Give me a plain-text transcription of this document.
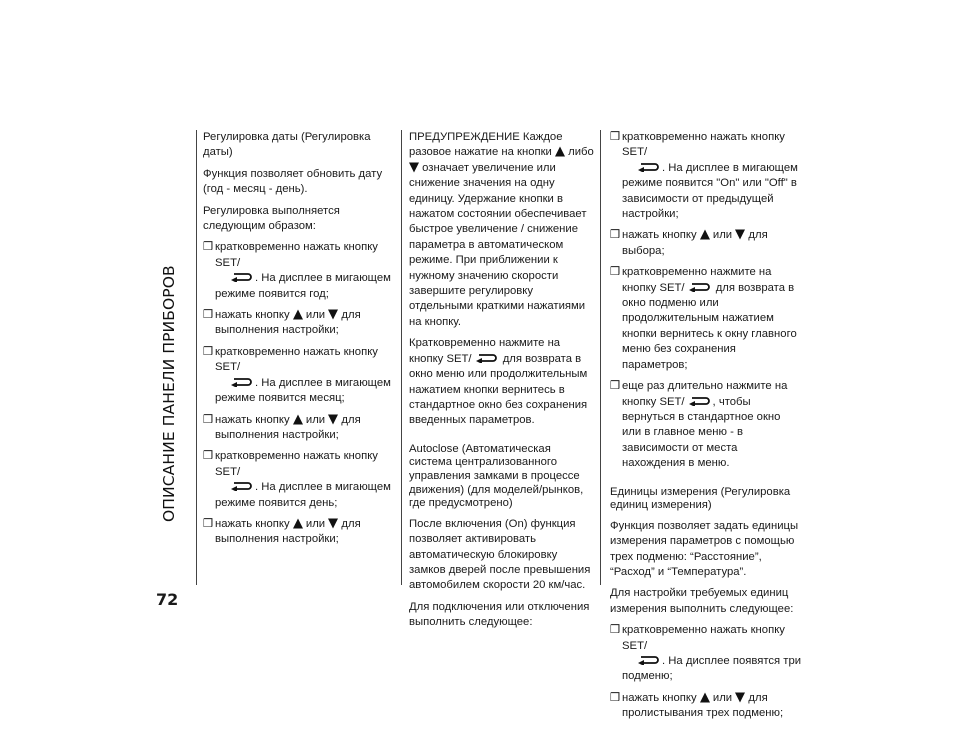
ОПИСАНИЕ ПАНЕЛИ ПРИБОРОВ
72

Регулировка даты (Регулировка даты)

Функция позволяет обновить дату (год - месяц - день).

Регулировка выполняется следующим образом:

❒ кратковременно нажать кнопку SET/
. На дисплее в мигающем режиме появится год;
❒ нажать кнопку или для выполнения настройки;
❒ кратковременно нажать кнопку SET/
. На дисплее в мигающем режиме появится месяц;
❒ нажать кнопку или для выполнения настройки;
❒ кратковременно нажать кнопку SET/
. На дисплее в мигающем режиме появится день;
❒ нажать кнопку или для выполнения настройки;

ПРЕДУПРЕЖДЕНИЕ Каждое разовое нажатие на кнопки либо
означает увеличение или снижение значения на одну единицу. Удержание кнопки в нажатом состоянии обеспечивает быстрое увеличение / снижение параметра в автоматическом режиме. При приближении к нужному значению скорости завершите регулировку отдельными краткими нажатиями на кнопку.

Кратковременно нажмите на кнопку SET/	для возврата в окно меню или продолжительным нажатием кнопки вернитесь в стандартное окно без сохранения введенных параметров.

Autoclose (Автоматическая система централизованного управления замками в процессе движения) (для моделей/рынков, где предусмотрено)

После включения (On) функция позволяет активировать автоматическую блокировку замков дверей после превышения автомобилем скорости 20 км/час.

Для подключения или отключения выполнить следующее:

❒ кратковременно нажать кнопку SET/
. На дисплее в мигающем режиме появится "On" или "Off" в зависимости от предыдущей настройки;
❒ нажать кнопку или для выбора;
❒ кратковременно нажмите на кнопку SET/	для возврата в окно подменю или продолжительным нажатием кнопки вернитесь к окну главного меню без сохранения параметров;
❒ еще раз длительно нажмите на кнопку SET/ , чтобы вернуться в стандартное окно или в главное меню - в зависимости от места нахождения в меню.

Единицы измерения (Регулировка единиц измерения)

Функция позволяет задать единицы измерения параметров с помощью трех подменю: “Расстояние”, “Расход” и “Температура”.

Для настройки требуемых единиц измерения выполнить следующее:

❒ кратковременно нажать кнопку SET/
. На дисплее появятся три подменю;
❒ нажать кнопку или для пролистывания трех подменю;
